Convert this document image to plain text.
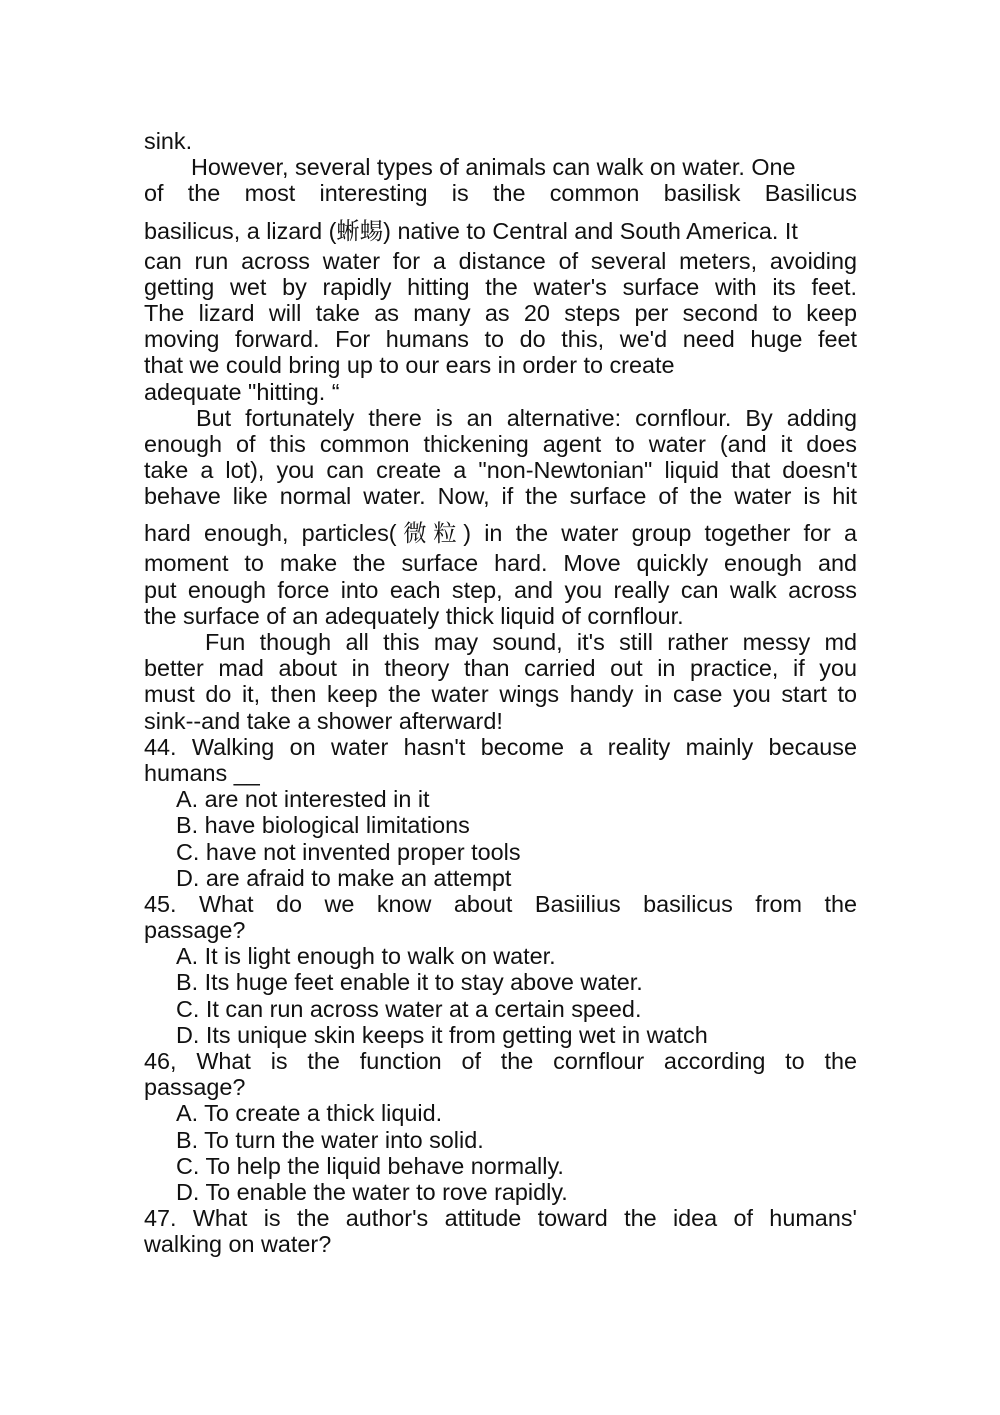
sink.
However, several types of animals can walk on water. One
of the most interesting is the common basilisk Basilicus
basilicus, a lizard (蜥蜴) native to Central and South America. It
can run across water for a distance of several meters, avoiding
getting wet by rapidly hitting the water's surface with its feet.
The lizard will take as many as 20 steps per second to keep
moving forward. For humans to do this, we'd need huge feet
that we could bring up to our ears in order to create
adequate "hitting. “
But fortunately there is an alternative: cornflour. By adding
enough of this common thickening agent to water (and it does
take a lot), you can create a "non-Newtonian" liquid that doesn't
behave like normal water. Now, if the surface of the water is hit
hard enough, particles(微粒) in the water group together for a
moment to make the surface hard. Move quickly enough and
put enough force into each step, and you really can walk across
the surface of an adequately thick liquid of cornflour.
Fun though all this may sound, it's still rather messy md
better mad about in theory than carried out in practice, if you
must do it, then keep the water wings handy in case you start to
sink--and take a shower afterward!
44. Walking on water hasn't become a reality mainly because
humans __
A. are not interested in it
B. have biological limitations
C. have not invented proper tools
D. are afraid to make an attempt
45. What do we know about Basiilius basilicus from the
passage?
A. It is light enough to walk on water.
B. Its huge feet enable it to stay above water.
C. It can run across water at a certain speed.
D. Its unique skin keeps it from getting wet in watch
46, What is the function of the cornflour according to the
passage?
A. To create a thick liquid.
B. To turn the water into solid.
C. To help the liquid behave normally.
D. To enable the water to rove rapidly.
47. What is the author's attitude toward the idea of humans'
walking on water?
